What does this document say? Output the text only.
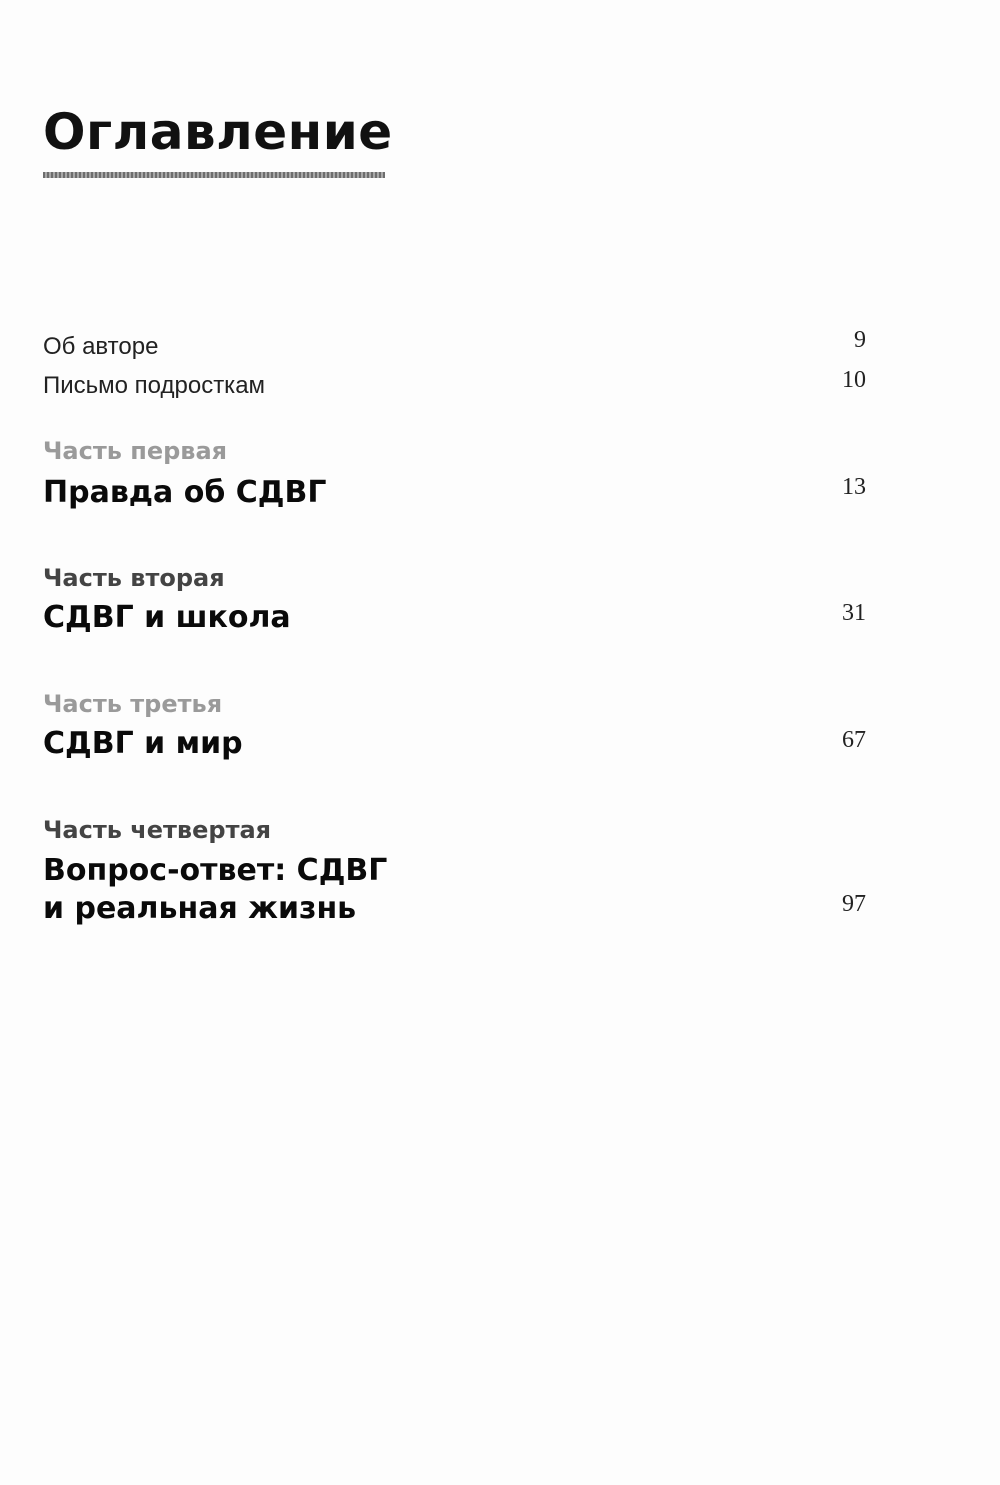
Оглавление
Об авторе	9
Письмо подросткам	10
Часть первая
Правда об СДВГ	13
Часть вторая
СДВГ и школа	31
Часть третья
СДВГ и мир	67
Часть четвертая
Вопрос-ответ: СДВГ
и реальная жизнь	97
